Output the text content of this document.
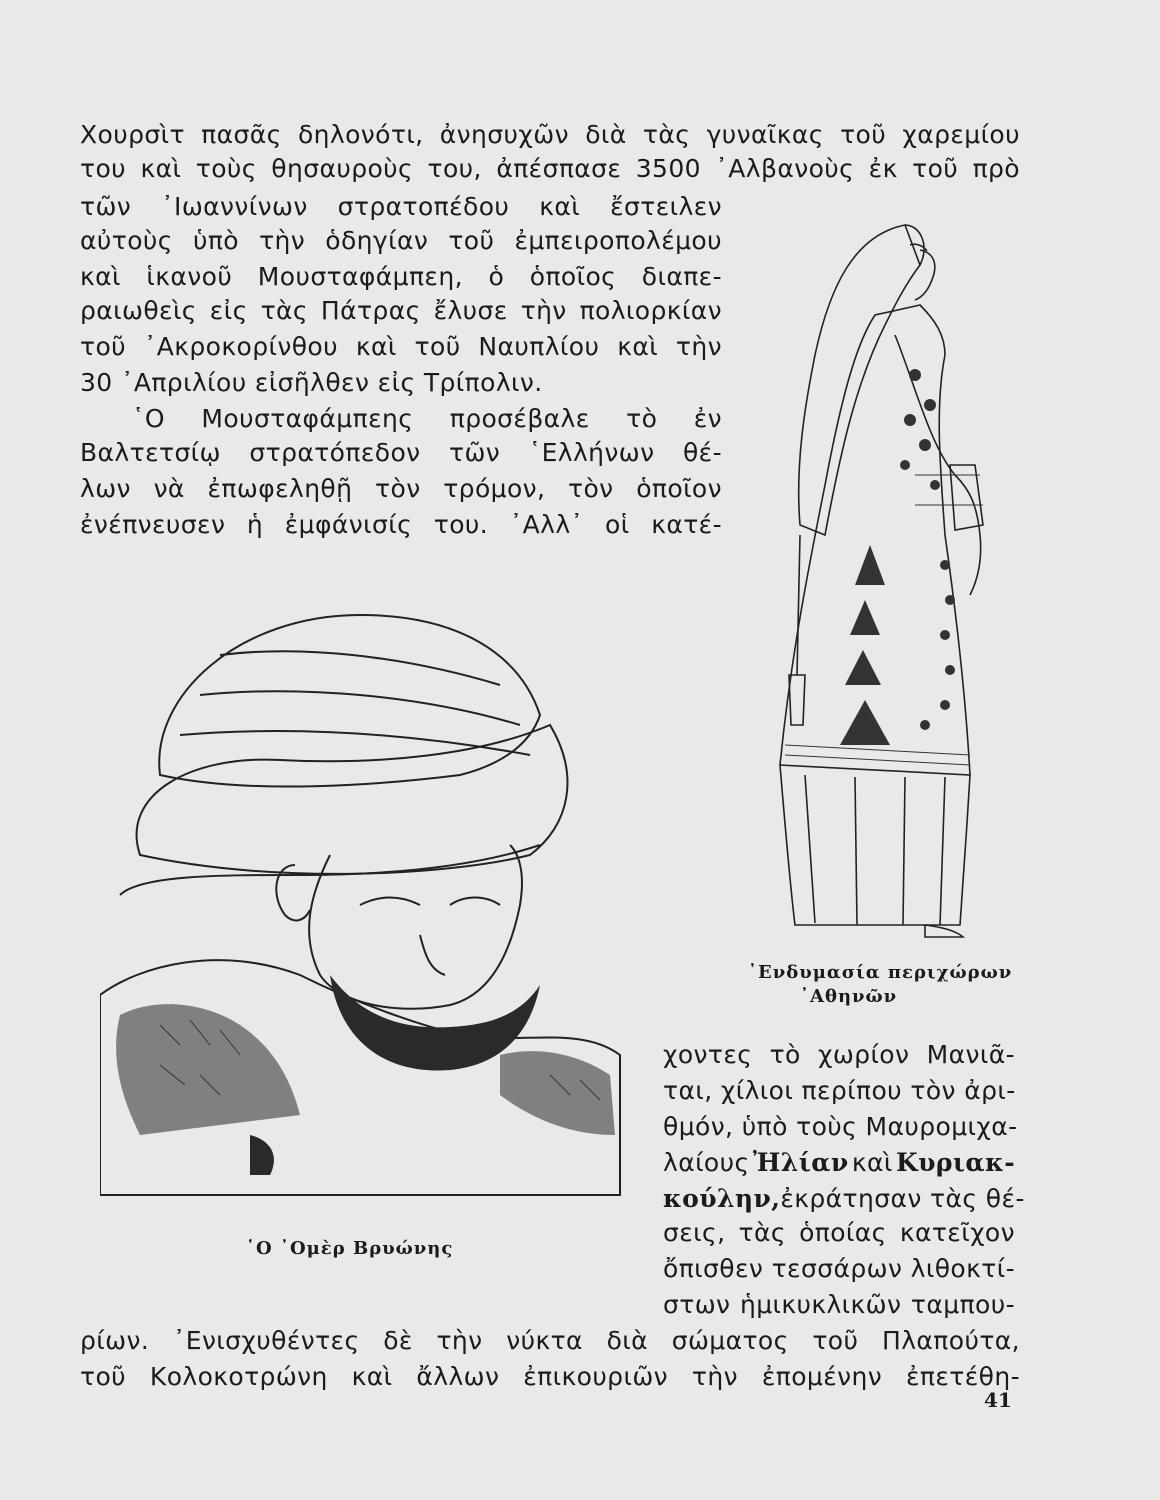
Χουρσὶτ πασᾶς δηλονότι, ἀνησυχῶν διὰ τὰς γυναῖκας τοῦ χαρεμίου
του καὶ τοὺς θησαυροὺς του, ἀπέσπασε 3500 ᾿Αλβανοὺς ἐκ τοῦ πρὸ
τῶν ᾿Ιωαννίνων στρατοπέδου καὶ ἔστειλεν
αὐτοὺς ὑπὸ τὴν ὁδηγίαν τοῦ ἐμπειροπολέμου
καὶ ἱκανοῦ Μουσταφάμπεη, ὁ ὁποῖος διαπε-
ραιωθεὶς εἰς τὰς Πάτρας ἔλυσε τὴν πολιορκίαν
τοῦ ᾿Ακροκορίνθου καὶ τοῦ Ναυπλίου καὶ τὴν
30 ᾿Απριλίου εἰσῆλθεν εἰς Τρίπολιν.
῾Ο Μουσταφάμπεης προσέβαλε τὸ ἐν
Βαλτετσίῳ στρατόπεδον τῶν ῾Ελλήνων θέ-
λων νὰ ἐπωφεληθῇ τὸν τρόμον, τὸν ὁποῖον
ἐνέπνευσεν ἡ ἐμφάνισίς του. ᾿Αλλ᾿ οἱ κατέ-
᾿Ενδυμασία περιχώρων
᾿Αθηνῶν
῾Ο ᾿Ομὲρ Βρυώνης
χοντες τὸ χωρίον Μανιᾶ-
ται, χίλιοι περίπου τὸν ἀρι-
θμόν, ὑπὸ τοὺς Μαυρομιχα-
λαίους Ἠλίαν καὶ Κυριακ-
κούλην, ἐκράτησαν τὰς θέ-
σεις, τὰς ὁποίας κατεῖχον
ὄπισθεν τεσσάρων λιθοκτί-
στων ἡμικυκλικῶν ταμπου-
ρίων. ᾿Ενισχυθέντες δὲ τὴν νύκτα διὰ σώματος τοῦ Πλαπούτα,
τοῦ Κολοκοτρώνη καὶ ἄλλων ἐπικουριῶν τὴν ἐπομένην ἐπετέθη-
41
